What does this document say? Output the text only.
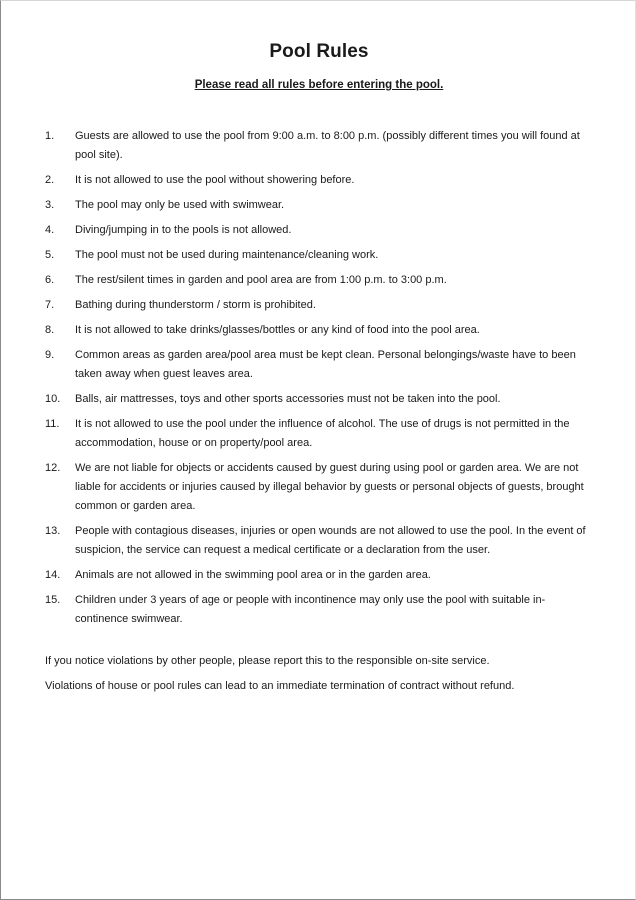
Pool Rules

Please read all rules before entering the pool.

1. Guests are allowed to use the pool from 9:00 a.m. to 8:00 p.m. (possibly different times you will found at pool site).
2. It is not allowed to use the pool without showering before.
3. The pool may only be used with swimwear.
4. Diving/jumping in to the pools is not allowed.
5. The pool must not be used during maintenance/cleaning work.
6. The rest/silent times in garden and pool area are from 1:00 p.m. to 3:00 p.m.
7. Bathing during thunderstorm / storm is prohibited.
8. It is not allowed to take drinks/glasses/bottles or any kind of food into the pool area.
9. Common areas as garden area/pool area must be kept clean. Personal belongings/waste have to been taken away when guest leaves area.
10. Balls, air mattresses, toys and other sports accessories must not be taken into the pool.
11. It is not allowed to use the pool under the influence of alcohol. The use of drugs is not permitted in the accommodation, house or on property/pool area.
12. We are not liable for objects or accidents caused by guest during using pool or garden area. We are not liable for accidents or injuries caused by illegal behavior by guests or personal objects of guests, brought common or garden area.
13. People with contagious diseases, injuries or open wounds are not allowed to use the pool. In the event of suspicion, the service can request a medical certificate or a declaration from the user.
14. Animals are not allowed in the swimming pool area or in the garden area.
15. Children under 3 years of age or people with incontinence may only use the pool with suitable in-continence swimwear.

If you notice violations by other people, please report this to the responsible on-site service.

Violations of house or pool rules can lead to an immediate termination of contract without refund.
